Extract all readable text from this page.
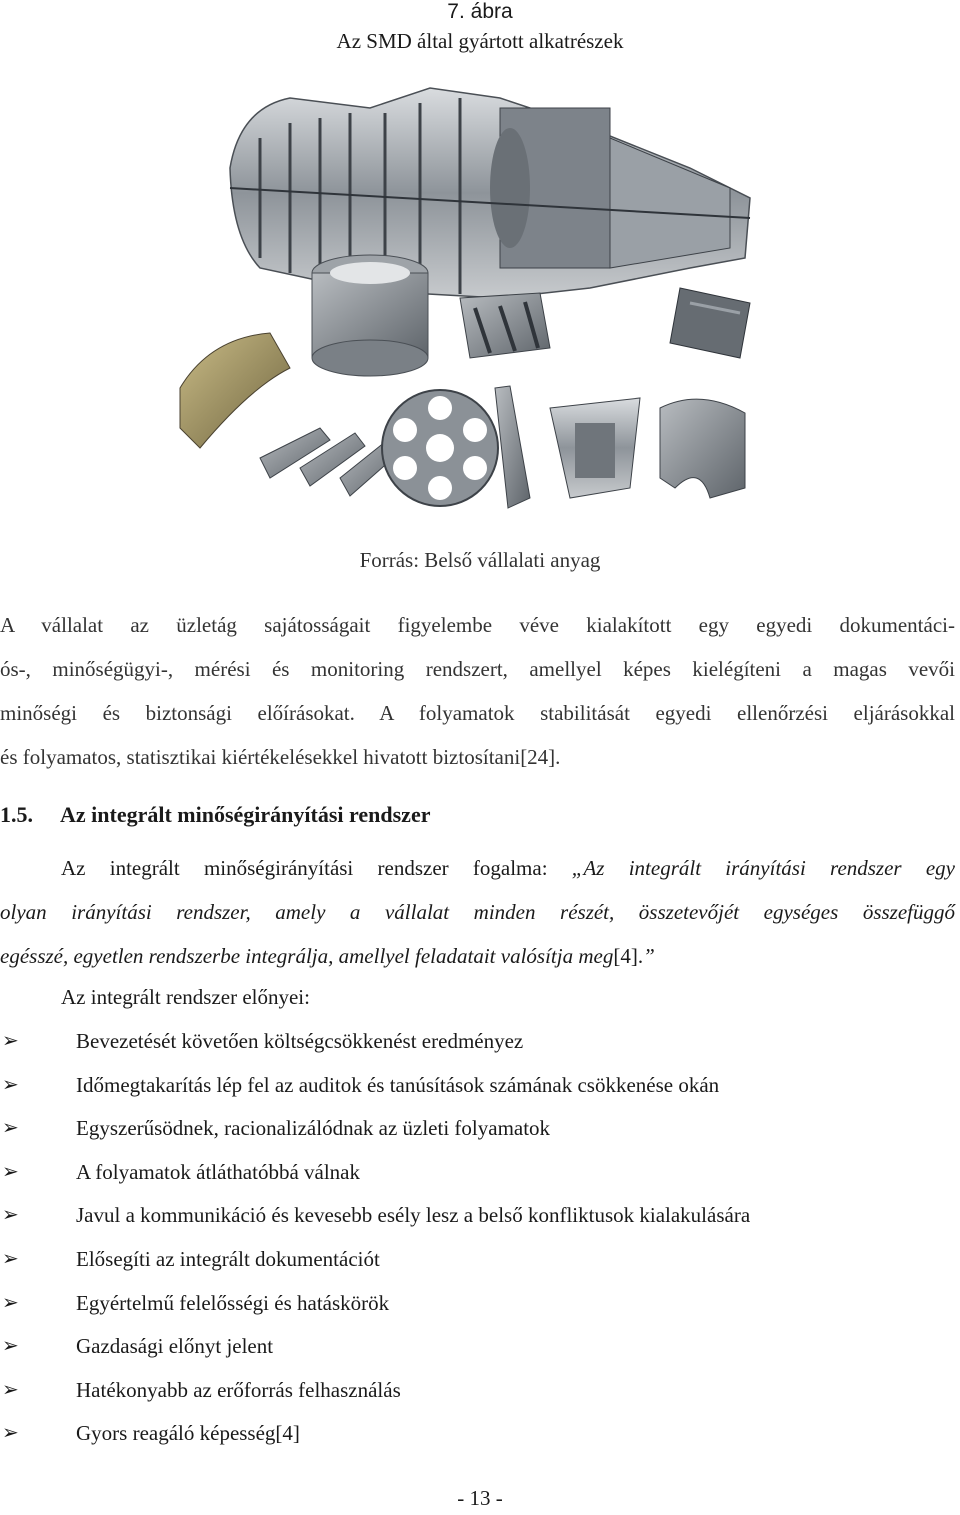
7. ábra
Az SMD által gyártott alkatrészek
Forrás: Belső vállalati anyag
A vállalat az üzletág sajátosságait figyelembe véve kialakított egy egyedi dokumentáci-
ós-, minőségügyi-, mérési és monitoring rendszert, amellyel képes kielégíteni a magas vevői
minőségi és biztonsági előírásokat. A folyamatok stabilitását egyedi ellenőrzési eljárásokkal
és folyamatos, statisztikai kiértékelésekkel hivatott biztosítani[24].
1.5. Az integrált minőségirányítási rendszer
Az integrált minőségirányítási rendszer fogalma: „Az integrált irányítási rendszer egy
olyan irányítási rendszer, amely a vállalat minden részét, összetevőjét egységes összefüggő
egésszé, egyetlen rendszerbe integrálja, amellyel feladatait valósítja meg[4].”
Az integrált rendszer előnyei:
➢	Bevezetését követően költségcsökkenést eredményez
➢	Időmegtakarítás lép fel az auditok és tanúsítások számának csökkenése okán
➢	Egyszerűsödnek, racionalizálódnak az üzleti folyamatok
➢	A folyamatok átláthatóbbá válnak
➢	Javul a kommunikáció és kevesebb esély lesz a belső konfliktusok kialakulására
➢	Elősegíti az integrált dokumentációt
➢	Egyértelmű felelősségi és hatáskörök
➢	Gazdasági előnyt jelent
➢	Hatékonyabb az erőforrás felhasználás
➢	Gyors reagáló képesség[4]
- 13 -
